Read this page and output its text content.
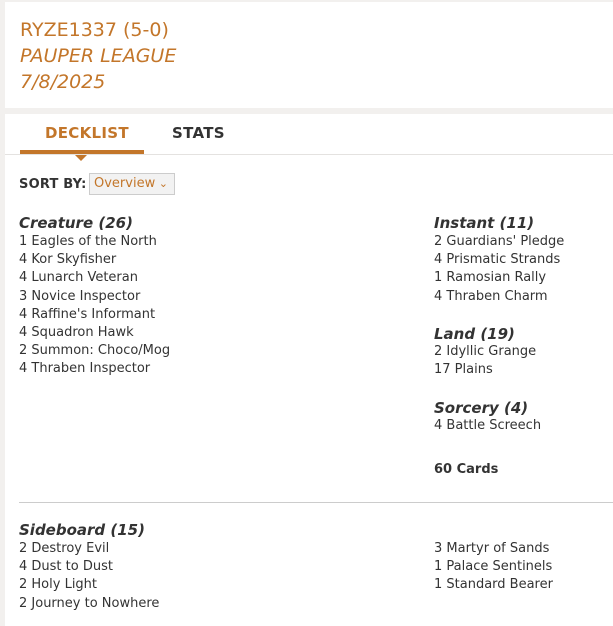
RYZE1337 (5-0)
PAUPER LEAGUE
7/8/2025
DECKLIST	STATS
SORT BY: Overview ⌄
Creature (26)
1 Eagles of the North
4 Kor Skyfisher
4 Lunarch Veteran
3 Novice Inspector
4 Raffine's Informant
4 Squadron Hawk
2 Summon: Choco/Mog
4 Thraben Inspector
Instant (11)
2 Guardians' Pledge
4 Prismatic Strands
1 Ramosian Rally
4 Thraben Charm
Land (19)
2 Idyllic Grange
17 Plains
Sorcery (4)
4 Battle Screech
60 Cards
Sideboard (15)
2 Destroy Evil
4 Dust to Dust
2 Holy Light
2 Journey to Nowhere
3 Martyr of Sands
1 Palace Sentinels
1 Standard Bearer
